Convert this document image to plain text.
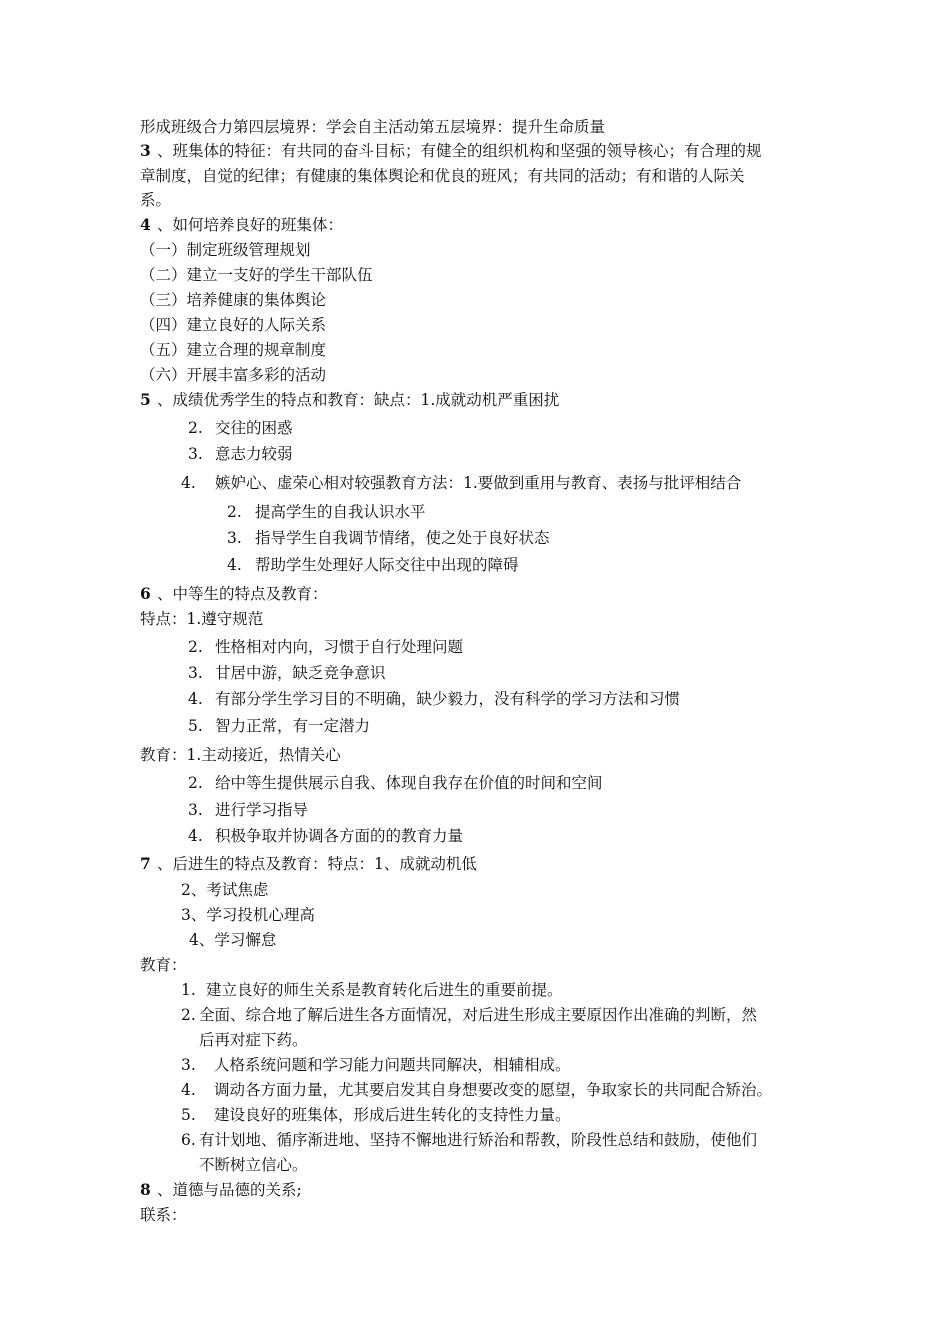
形成班级合力第四层境界：学会自主活动第五层境界：提升生命质量
3 、班集体的特征：有共同的奋斗目标；有健全的组织机构和坚强的领导核心；有合理的规
章制度，自觉的纪律；有健康的集体舆论和优良的班风；有共同的活动；有和谐的人际关
系。
4 、如何培养良好的班集体：
（一）制定班级管理规划
（二）建立一支好的学生干部队伍
（三）培养健康的集体舆论
（四）建立良好的人际关系
（五）建立合理的规章制度
（六）开展丰富多彩的活动
5 、成绩优秀学生的特点和教育：缺点：1.成就动机严重困扰
2. 交往的困惑
3. 意志力较弱
4. 嫉妒心、虚荣心相对较强教育方法：1.要做到重用与教育、表扬与批评相结合
2. 提高学生的自我认识水平
3. 指导学生自我调节情绪，使之处于良好状态
4. 帮助学生处理好人际交往中出现的障碍
6 、中等生的特点及教育：
特点：1.遵守规范
2. 性格相对内向，习惯于自行处理问题
3. 甘居中游，缺乏竞争意识
4. 有部分学生学习目的不明确，缺少毅力，没有科学的学习方法和习惯
5. 智力正常，有一定潜力
教育：1.主动接近，热情关心
2. 给中等生提供展示自我、体现自我存在价值的时间和空间
3. 进行学习指导
4. 积极争取并协调各方面的的教育力量
7 、后进生的特点及教育：特点：1、成就动机低
2、考试焦虑
3、学习投机心理高
4、学习懈怠
教育：
1. 建立良好的师生关系是教育转化后进生的重要前提。
2. 全面、综合地了解后进生各方面情况，对后进生形成主要原因作出准确的判断，然
后再对症下药。
3. 人格系统问题和学习能力问题共同解决，相辅相成。
4. 调动各方面力量，尤其要启发其自身想要改变的愿望，争取家长的共同配合矫治。
5. 建设良好的班集体，形成后进生转化的支持性力量。
6. 有计划地、循序渐进地、坚持不懈地进行矫治和帮教，阶段性总结和鼓励，使他们
不断树立信心。
8 、道德与品德的关系;
联系：
